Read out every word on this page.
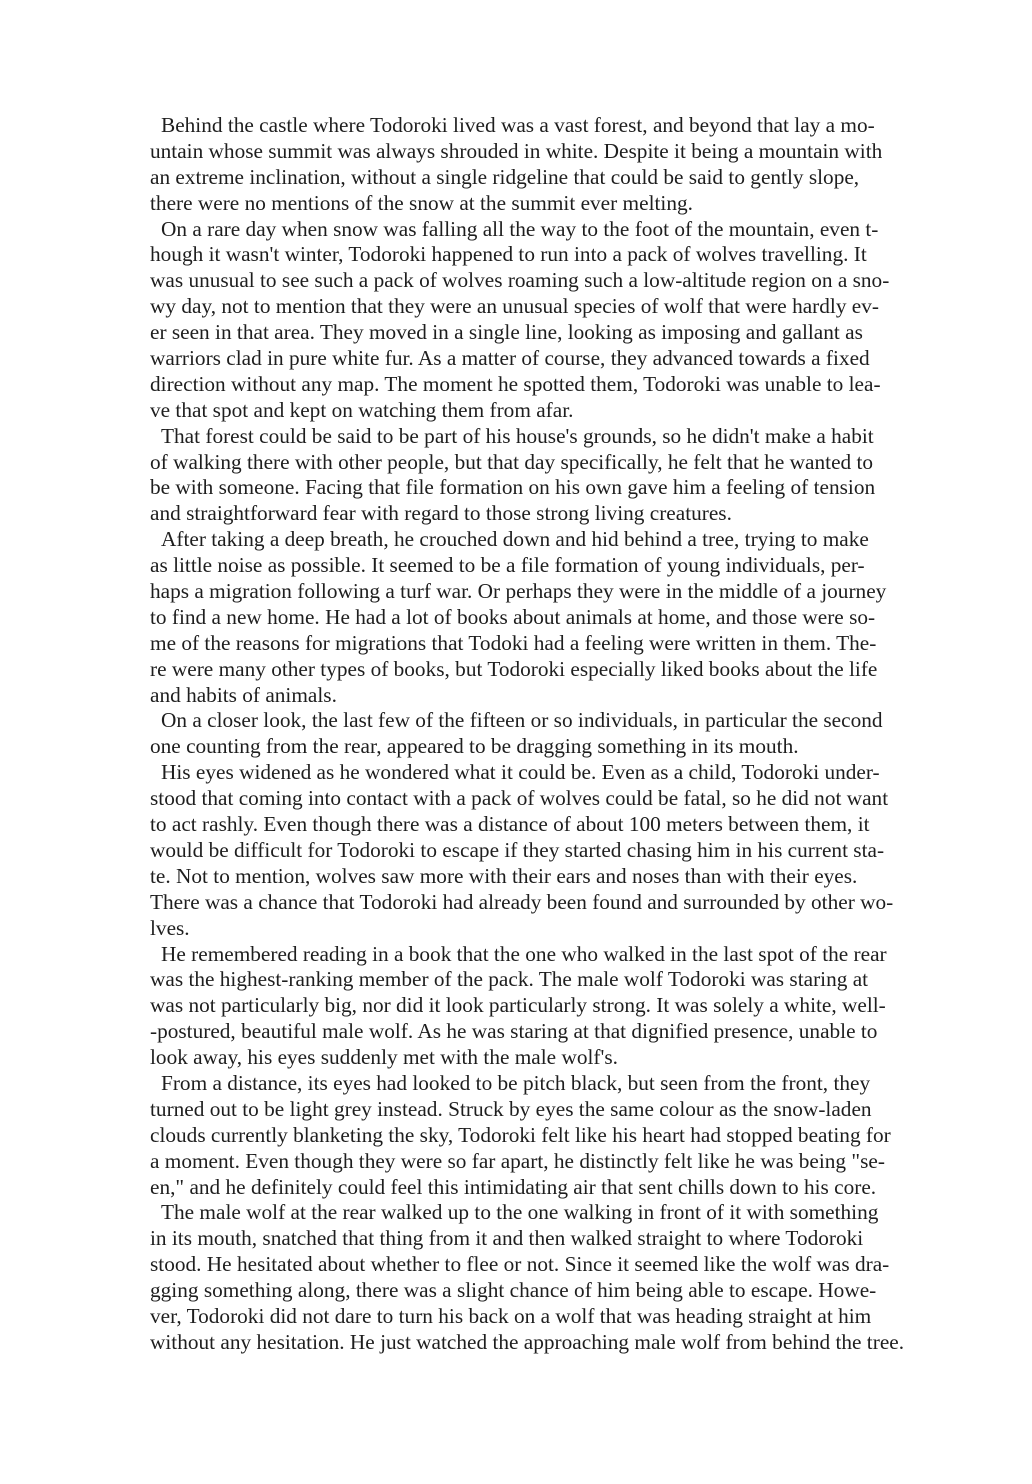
Behind the castle where Todoroki lived was a vast forest, and beyond that lay a mo-
untain whose summit was always shrouded in white. Despite it being a mountain with
an extreme inclination, without a single ridgeline that could be said to gently slope,
there were no mentions of the snow at the summit ever melting.
On a rare day when snow was falling all the way to the foot of the mountain, even t-
hough it wasn't winter, Todoroki happened to run into a pack of wolves travelling. It
was unusual to see such a pack of wolves roaming such a low-altitude region on a sno-
wy day, not to mention that they were an unusual species of wolf that were hardly ev-
er seen in that area. They moved in a single line, looking as imposing and gallant as
warriors clad in pure white fur. As a matter of course, they advanced towards a fixed
direction without any map. The moment he spotted them, Todoroki was unable to lea-
ve that spot and kept on watching them from afar.
That forest could be said to be part of his house's grounds, so he didn't make a habit
of walking there with other people, but that day specifically, he felt that he wanted to
be with someone. Facing that file formation on his own gave him a feeling of tension
and straightforward fear with regard to those strong living creatures.
After taking a deep breath, he crouched down and hid behind a tree, trying to make
as little noise as possible. It seemed to be a file formation of young individuals, per-
haps a migration following a turf war. Or perhaps they were in the middle of a journey
to find a new home. He had a lot of books about animals at home, and those were so-
me of the reasons for migrations that Todoki had a feeling were written in them. The-
re were many other types of books, but Todoroki especially liked books about the life
and habits of animals.
On a closer look, the last few of the fifteen or so individuals, in particular the second
one counting from the rear, appeared to be dragging something in its mouth.
His eyes widened as he wondered what it could be. Even as a child, Todoroki under-
stood that coming into contact with a pack of wolves could be fatal, so he did not want
to act rashly. Even though there was a distance of about 100 meters between them, it
would be difficult for Todoroki to escape if they started chasing him in his current sta-
te. Not to mention, wolves saw more with their ears and noses than with their eyes.
There was a chance that Todoroki had already been found and surrounded by other wo-
lves.
He remembered reading in a book that the one who walked in the last spot of the rear
was the highest-ranking member of the pack. The male wolf Todoroki was staring at
was not particularly big, nor did it look particularly strong. It was solely a white, well-
-postured, beautiful male wolf. As he was staring at that dignified presence, unable to
look away, his eyes suddenly met with the male wolf's.
From a distance, its eyes had looked to be pitch black, but seen from the front, they
turned out to be light grey instead. Struck by eyes the same colour as the snow-laden
clouds currently blanketing the sky, Todoroki felt like his heart had stopped beating for
a moment. Even though they were so far apart, he distinctly felt like he was being "se-
en," and he definitely could feel this intimidating air that sent chills down to his core.
The male wolf at the rear walked up to the one walking in front of it with something
in its mouth, snatched that thing from it and then walked straight to where Todoroki
stood. He hesitated about whether to flee or not. Since it seemed like the wolf was dra-
gging something along, there was a slight chance of him being able to escape. Howe-
ver, Todoroki did not dare to turn his back on a wolf that was heading straight at him
without any hesitation. He just watched the approaching male wolf from behind the tree.
